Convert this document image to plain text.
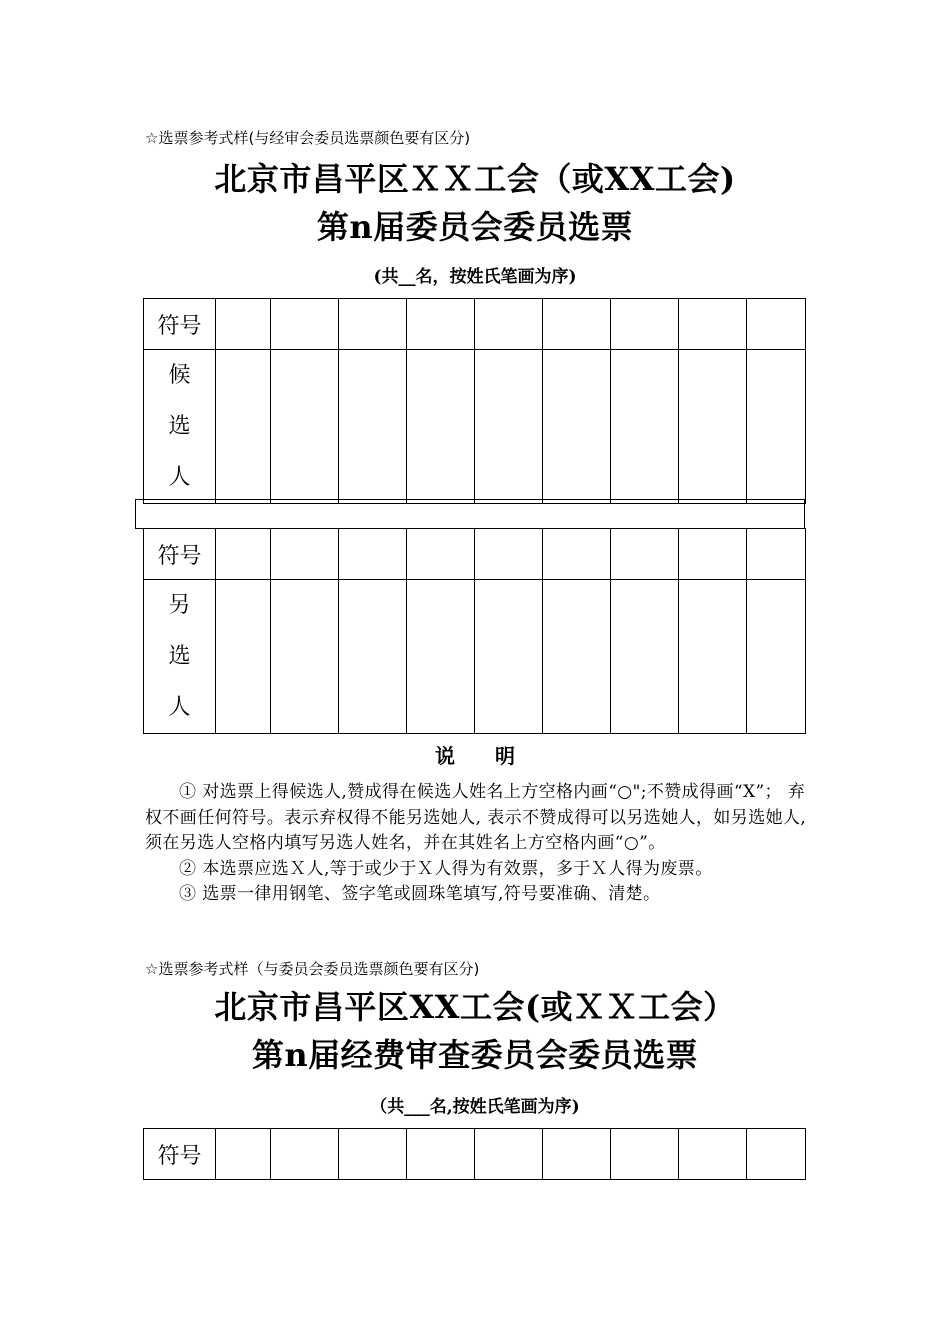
☆选票参考式样(与经审会委员选票颜色要有区分)
北京市昌平区ＸＸ工会（或XX工会)
第n届委员会委员选票
(共__名，按姓氏笔画为序)
符号									

候
选
人									

符号									

另
选
人									

说明

① 对选票上得候选人,赞成得在候选人姓名上方空格内画“○";不赞成得画“X”； 弃权不画任何符号。表示弃权得不能另选她人, 表示不赞成得可以另选她人，如另选她人,须在另选人空格内填写另选人姓名，并在其姓名上方空格内画“○”。

② 本选票应选Ｘ人,等于或少于Ｘ人得为有效票，多于Ｘ人得为废票。

③ 选票一律用钢笔、签字笔或圆珠笔填写,符号要准确、清楚。

☆选票参考式样（与委员会委员选票颜色要有区分)
北京市昌平区XX工会(或ＸＸ工会）
第n届经费审查委员会委员选票
（共___名,按姓氏笔画为序)
符号									
